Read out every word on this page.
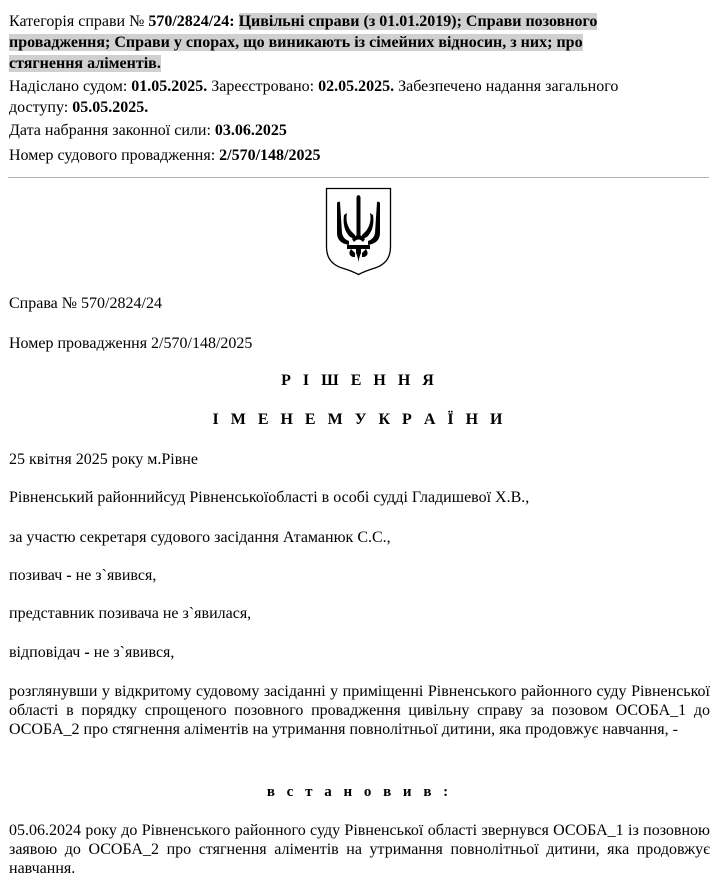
Категорія справи № 570/2824/24: Цивільні справи (з 01.01.2019); Справи позовного
провадження; Справи у спорах, що виникають із сімейних відносин, з них; про
стягнення аліментів.
Надіслано судом: 01.05.2025. Зареєстровано: 02.05.2025. Забезпечено надання загального
доступу: 05.05.2025.
Дата набрання законної сили: 03.06.2025
Номер судового провадження: 2/570/148/2025

Справа № 570/2824/24

Номер провадження 2/570/148/2025

Р І Ш Е Н Н Я

І М Е Н Е М У К Р А Ї Н И

25 квітня 2025 року м.Рівне

Рівненський районнийсуд Рівненськоїобласті в особі судді Гладишевої Х.В.,

за участю секретаря судового засідання Атаманюк С.С.,

позивач - не з`явився,

представник позивача не з`явилася,

відповідач - не з`явився,

розглянувши у відкритому судовому засіданні у приміщенні Рівненського районного суду Рівненської області в порядку спрощеного позовного провадження цивільну справу за позовом ОСОБА_1 до ОСОБА_2 про стягнення аліментів на утримання повнолітньої дитини, яка продовжує навчання, -

в с т а н о в и в :

05.06.2024 року до Рівненського районного суду Рівненської області звернувся ОСОБА_1 із позовною заявою до ОСОБА_2 про стягнення аліментів на утримання повнолітньої дитини, яка продовжує навчання.
